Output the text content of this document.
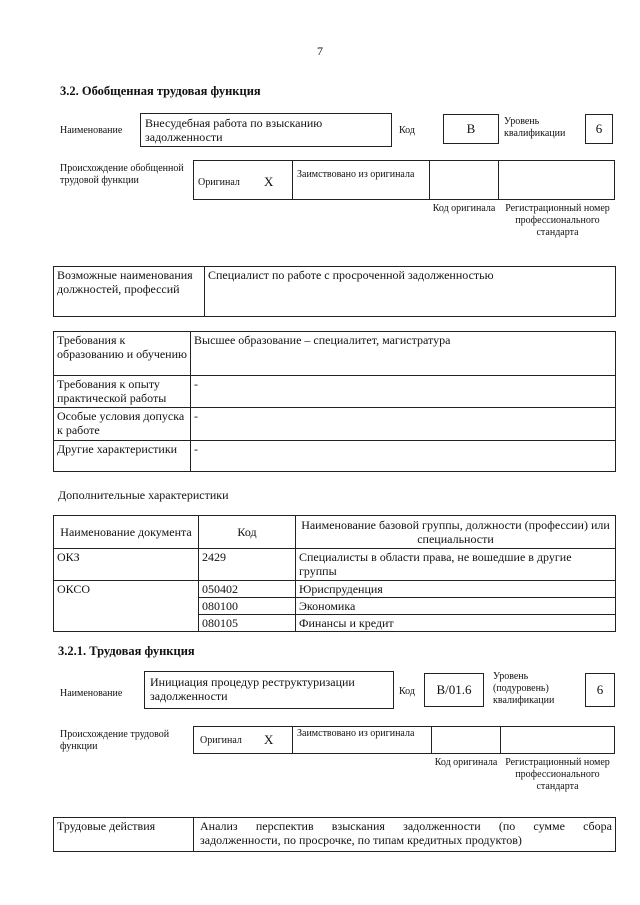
7
3.2. Обобщенная трудовая функция
Наименование
Внесудебная работа по взысканию задолженности	Код	B	Уровень квалификации	6
Происхождение обобщенной трудовой функции	Оригинал X Заимствовано из оригинала
Код оригинала Регистрационный номер профессионального стандарта
Возможные наименования должностей, профессий	Специалист по работе с просроченной задолженностью
Требования к образованию и обучению	Высшее образование – специалитет, магистратура
Требования к опыту практической работы	-
Особые условия допуска к работе	-
Другие характеристики	-
Дополнительные характеристики
Наименование документа	Код	Наименование базовой группы, должности (профессии) или специальности
ОКЗ	2429	Специалисты в области права, не вошедшие в другие группы
ОКСО	050402	Юриспруденция
	080100	Экономика
	080105	Финансы и кредит
3.2.1. Трудовая функция
Наименование
Инициация процедур реструктуризации задолженности	Код	B/01.6
Уровень (подуровень) квалификации
6
Происхождение трудовой функции
Оригинал X Заимствовано из оригинала
Код оригинала Регистрационный номер профессионального стандарта
Трудовые действия	Анализ перспектив взыскания задолженности (по сумме сбора
задолженности, по просрочке, по типам кредитных продуктов)
